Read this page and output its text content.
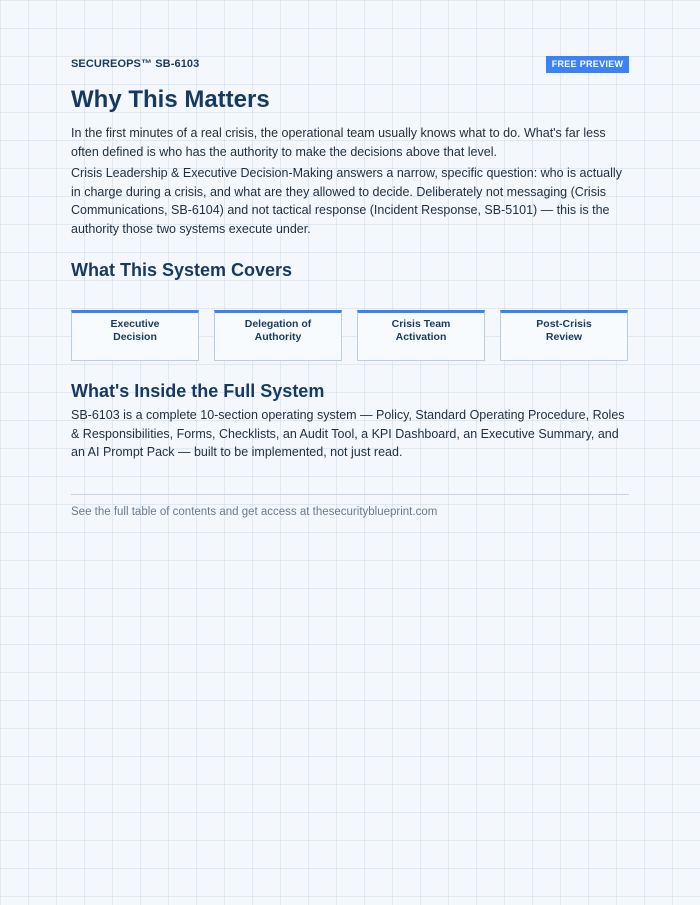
SECUREOPS™ SB-6103	FREE PREVIEW
Why This Matters

In the first minutes of a real crisis, the operational team usually knows what to do. What's far less often defined is who has the authority to make the decisions above that level.

Crisis Leadership & Executive Decision-Making answers a narrow, specific question: who is actually in charge during a crisis, and what are they allowed to decide. Deliberately not messaging (Crisis Communications, SB-6104) and not tactical response (Incident Response, SB-5101) — this is the authority those two systems execute under.

What This System Covers
Executive
Decision
Delegation of
Authority
Crisis Team
Activation
Post-Crisis
Review
What's Inside the Full System

SB-6103 is a complete 10-section operating system — Policy, Standard Operating Procedure, Roles & Responsibilities, Forms, Checklists, an Audit Tool, a KPI Dashboard, an Executive Summary, and an AI Prompt Pack — built to be implemented, not just read.

See the full table of contents and get access at thesecurityblueprint.com
